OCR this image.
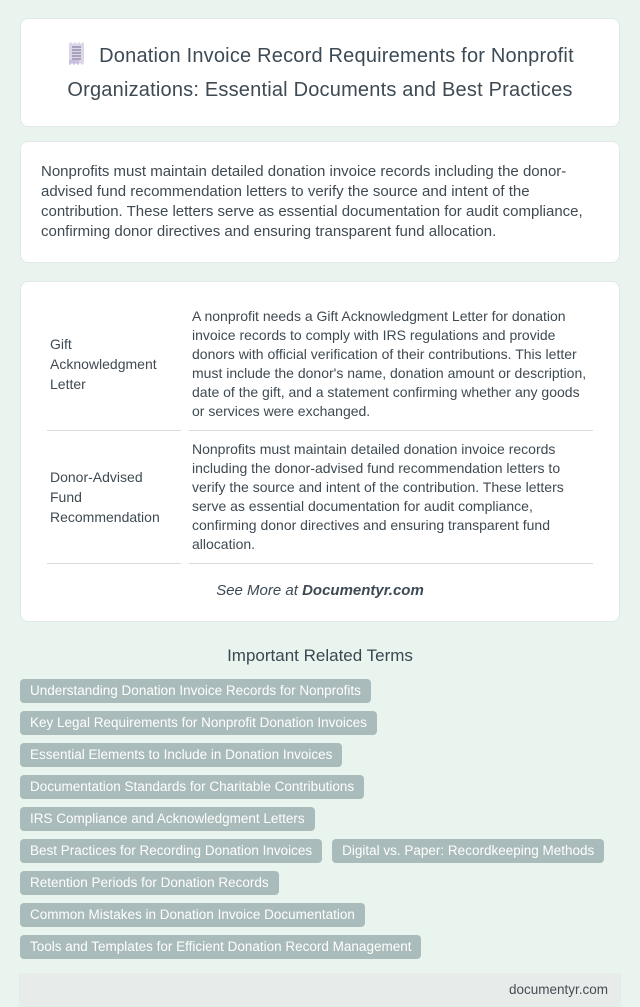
Donation Invoice Record Requirements for Nonprofit Organizations: Essential Documents and Best Practices
Nonprofits must maintain detailed donation invoice records including the donor-advised fund recommendation letters to verify the source and intent of the contribution. These letters serve as essential documentation for audit compliance, confirming donor directives and ensuring transparent fund allocation.
Gift Acknowledgment Letter	A nonprofit needs a Gift Acknowledgment Letter for donation invoice records to comply with IRS regulations and provide donors with official verification of their contributions. This letter must include the donor's name, donation amount or description, date of the gift, and a statement confirming whether any goods or services were exchanged.
Donor-Advised Fund Recommendation	Nonprofits must maintain detailed donation invoice records including the donor-advised fund recommendation letters to verify the source and intent of the contribution. These letters serve as essential documentation for audit compliance, confirming donor directives and ensuring transparent fund allocation.
See More at Documentyr.com
Important Related Terms
Understanding Donation Invoice Records for Nonprofits
Key Legal Requirements for Nonprofit Donation Invoices
Essential Elements to Include in Donation Invoices
Documentation Standards for Charitable Contributions
IRS Compliance and Acknowledgment Letters
Best Practices for Recording Donation Invoices	Digital vs. Paper: Recordkeeping Methods
Retention Periods for Donation Records
Common Mistakes in Donation Invoice Documentation
Tools and Templates for Efficient Donation Record Management
documentyr.com
